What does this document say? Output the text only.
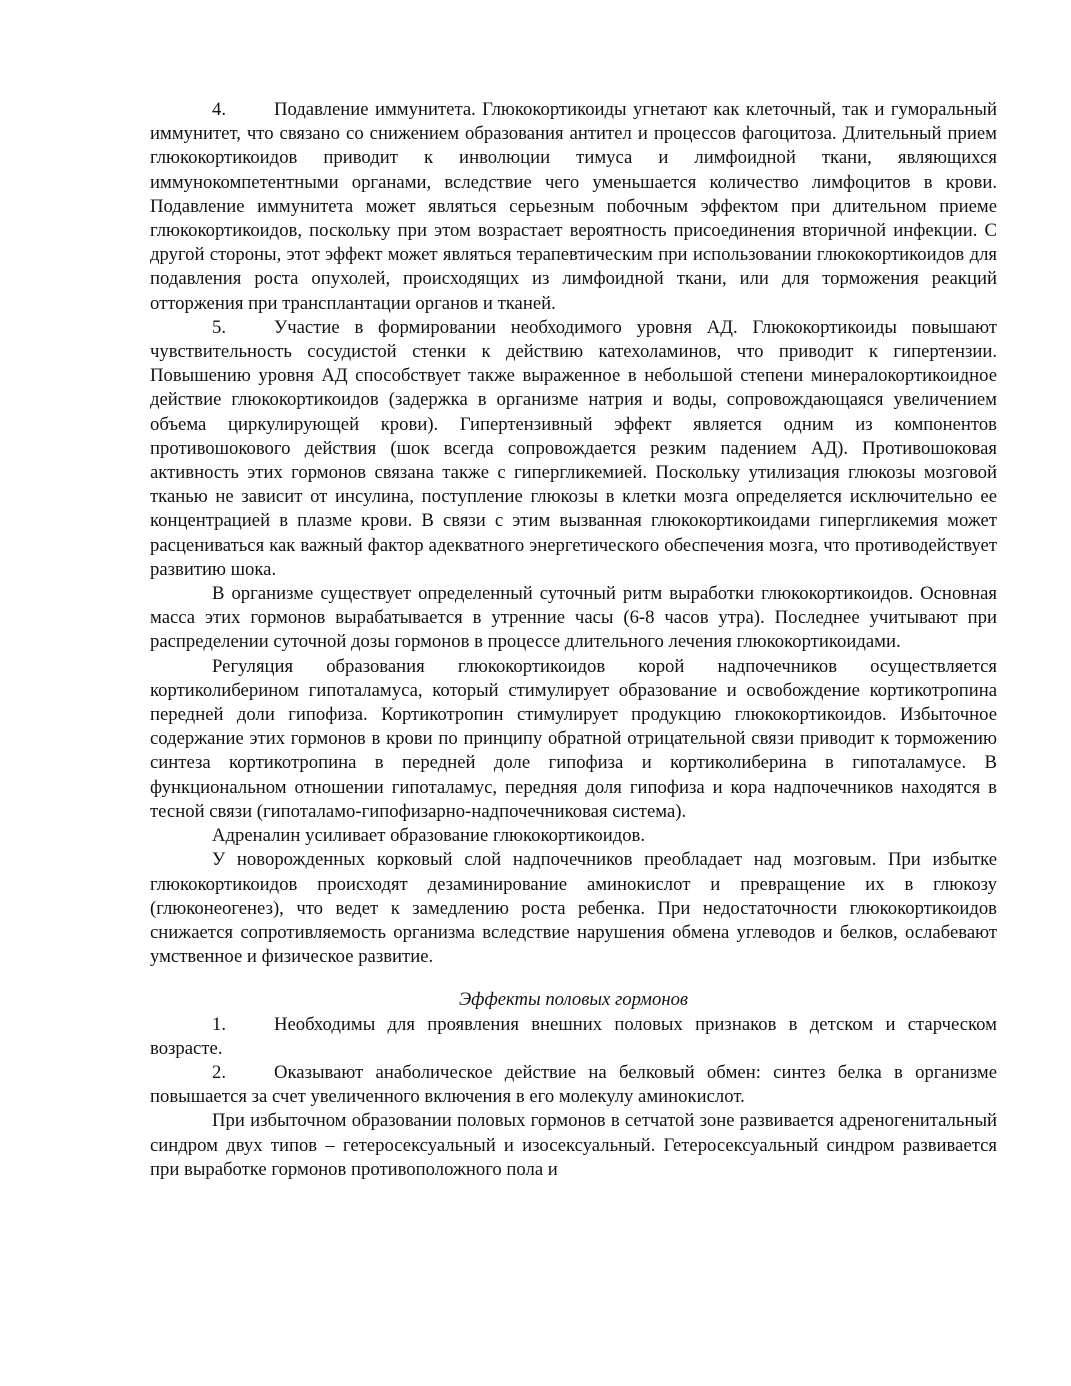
4.	Подавление иммунитета. Глюкокортикоиды угнетают как клеточный, так и гуморальный иммунитет, что связано со снижением образования антител и процессов фагоцитоза. Длительный прием глюкокортикоидов приводит к инволюции тимуса и лимфоидной ткани, являющихся иммунокомпетентными органами, вследствие чего уменьшается количество лимфоцитов в крови. Подавление иммунитета может являться серьезным побочным эффектом при длительном приеме глюкокортикоидов, поскольку при этом возрастает вероятность присоединения вторичной инфекции. С другой стороны, этот эффект может являться терапевтическим при использовании глюкокортикоидов для подавления роста опухолей, происходящих из лимфоидной ткани, или для торможения реакций отторжения при трансплантации органов и тканей.

5.	Участие в формировании необходимого уровня АД. Глюкокортикоиды повышают чувствительность сосудистой стенки к действию катехоламинов, что приводит к гипертензии. Повышению уровня АД способствует также выраженное в небольшой степени минералокортикоидное действие глюкокортикоидов (задержка в организме натрия и воды, сопровождающаяся увеличением объема циркулирующей крови). Гипертензивный эффект является одним из компонентов противошокового действия (шок всегда сопровождается резким падением АД). Противошоковая активность этих гормонов связана также с гипергликемией. Поскольку утилизация глюкозы мозговой тканью не зависит от инсулина, поступление глюкозы в клетки мозга определяется исключительно ее концентрацией в плазме крови. В связи с этим вызванная глюкокортикоидами гипергликемия может расцениваться как важный фактор адекватного энергетического обеспечения мозга, что противодействует развитию шока.

В организме существует определенный суточный ритм выработки глюкокортикоидов. Основная масса этих гормонов вырабатывается в утренние часы (6-8 часов утра). Последнее учитывают при распределении суточной дозы гормонов в процессе длительного лечения глюкокортикоидами.

Регуляция образования глюкокортикоидов корой надпочечников осуществляется кортиколиберином гипоталамуса, который стимулирует образование и освобождение кортикотропина передней доли гипофиза. Кортикотропин стимулирует продукцию глюкокортикоидов. Избыточное содержание этих гормонов в крови по принципу обратной отрицательной связи приводит к торможению синтеза кортикотропина в передней доле гипофиза и кортиколиберина в гипоталамусе. В функциональном отношении гипоталамус, передняя доля гипофиза и кора надпочечников находятся в тесной связи (гипоталамо-гипофизарно-надпочечниковая система).

Адреналин усиливает образование глюкокортикоидов.

У новорожденных корковый слой надпочечников преобладает над мозговым. При избытке глюкокортикоидов происходят дезаминирование аминокислот и превращение их в глюкозу (глюконеогенез), что ведет к замедлению роста ребенка. При недостаточности глюкокортикоидов снижается сопротивляемость организма вследствие нарушения обмена углеводов и белков, ослабевают умственное и физическое развитие.

Эффекты половых гормонов

1.	Необходимы для проявления внешних половых признаков в детском и старческом возрасте.

2.	Оказывают анаболическое действие на белковый обмен: синтез белка в организме повышается за счет увеличенного включения в его молекулу аминокислот.

При избыточном образовании половых гормонов в сетчатой зоне развивается адреногенитальный синдром двух типов – гетеросексуальный и изосексуальный. Гетеросексуальный синдром развивается при выработке гормонов противоположного пола и
